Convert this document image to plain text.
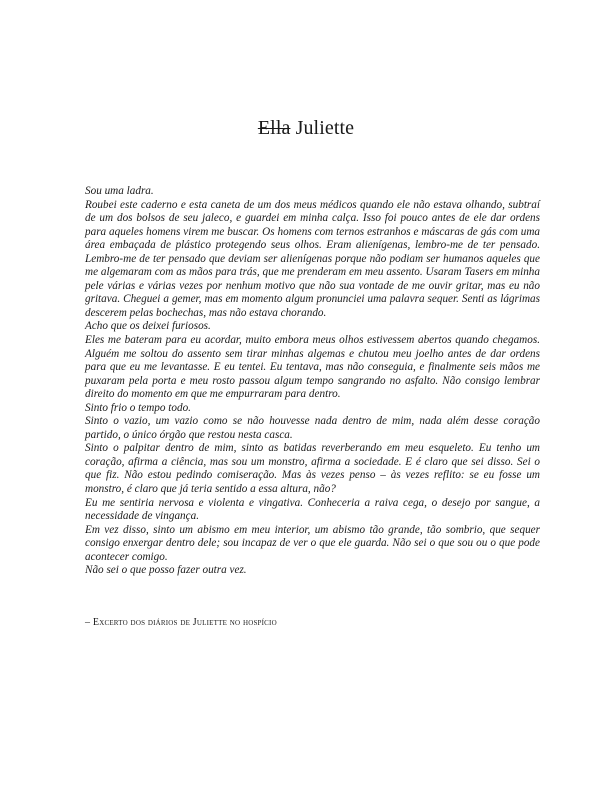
Ella Juliette

Sou uma ladra.

Roubei este caderno e esta caneta de um dos meus médicos quando ele não estava olhando, subtraí de um dos bolsos de seu jaleco, e guardei em minha calça. Isso foi pouco antes de ele dar ordens para aqueles homens virem me buscar. Os homens com ternos estranhos e máscaras de gás com uma área embaçada de plástico protegendo seus olhos. Eram alienígenas, lembro-me de ter pensado. Lembro-me de ter pensado que deviam ser alienígenas porque não podiam ser humanos aqueles que me algemaram com as mãos para trás, que me prenderam em meu assento. Usaram Tasers em minha pele várias e várias vezes por nenhum motivo que não sua vontade de me ouvir gritar, mas eu não gritava. Cheguei a gemer, mas em momento algum pronunciei uma palavra sequer. Senti as lágrimas descerem pelas bochechas, mas não estava chorando.

Acho que os deixei furiosos.

Eles me bateram para eu acordar, muito embora meus olhos estivessem abertos quando chegamos. Alguém me soltou do assento sem tirar minhas algemas e chutou meu joelho antes de dar ordens para que eu me levantasse. E eu tentei. Eu tentava, mas não conseguia, e finalmente seis mãos me puxaram pela porta e meu rosto passou algum tempo sangrando no asfalto. Não consigo lembrar direito do momento em que me empurraram para dentro.

Sinto frio o tempo todo.

Sinto o vazio, um vazio como se não houvesse nada dentro de mim, nada além desse coração partido, o único órgão que restou nesta casca.

Sinto o palpitar dentro de mim, sinto as batidas reverberando em meu esqueleto. Eu tenho um coração, afirma a ciência, mas sou um monstro, afirma a sociedade. E é claro que sei disso. Sei o que fiz. Não estou pedindo comiseração. Mas às vezes penso – às vezes reflito: se eu fosse um monstro, é claro que já teria sentido a essa altura, não?

Eu me sentiria nervosa e violenta e vingativa. Conheceria a raiva cega, o desejo por sangue, a necessidade de vingança.

Em vez disso, sinto um abismo em meu interior, um abismo tão grande, tão sombrio, que sequer consigo enxergar dentro dele; sou incapaz de ver o que ele guarda. Não sei o que sou ou o que pode acontecer comigo.

Não sei o que posso fazer outra vez.

– Excerto dos diários de Juliette no hospício
